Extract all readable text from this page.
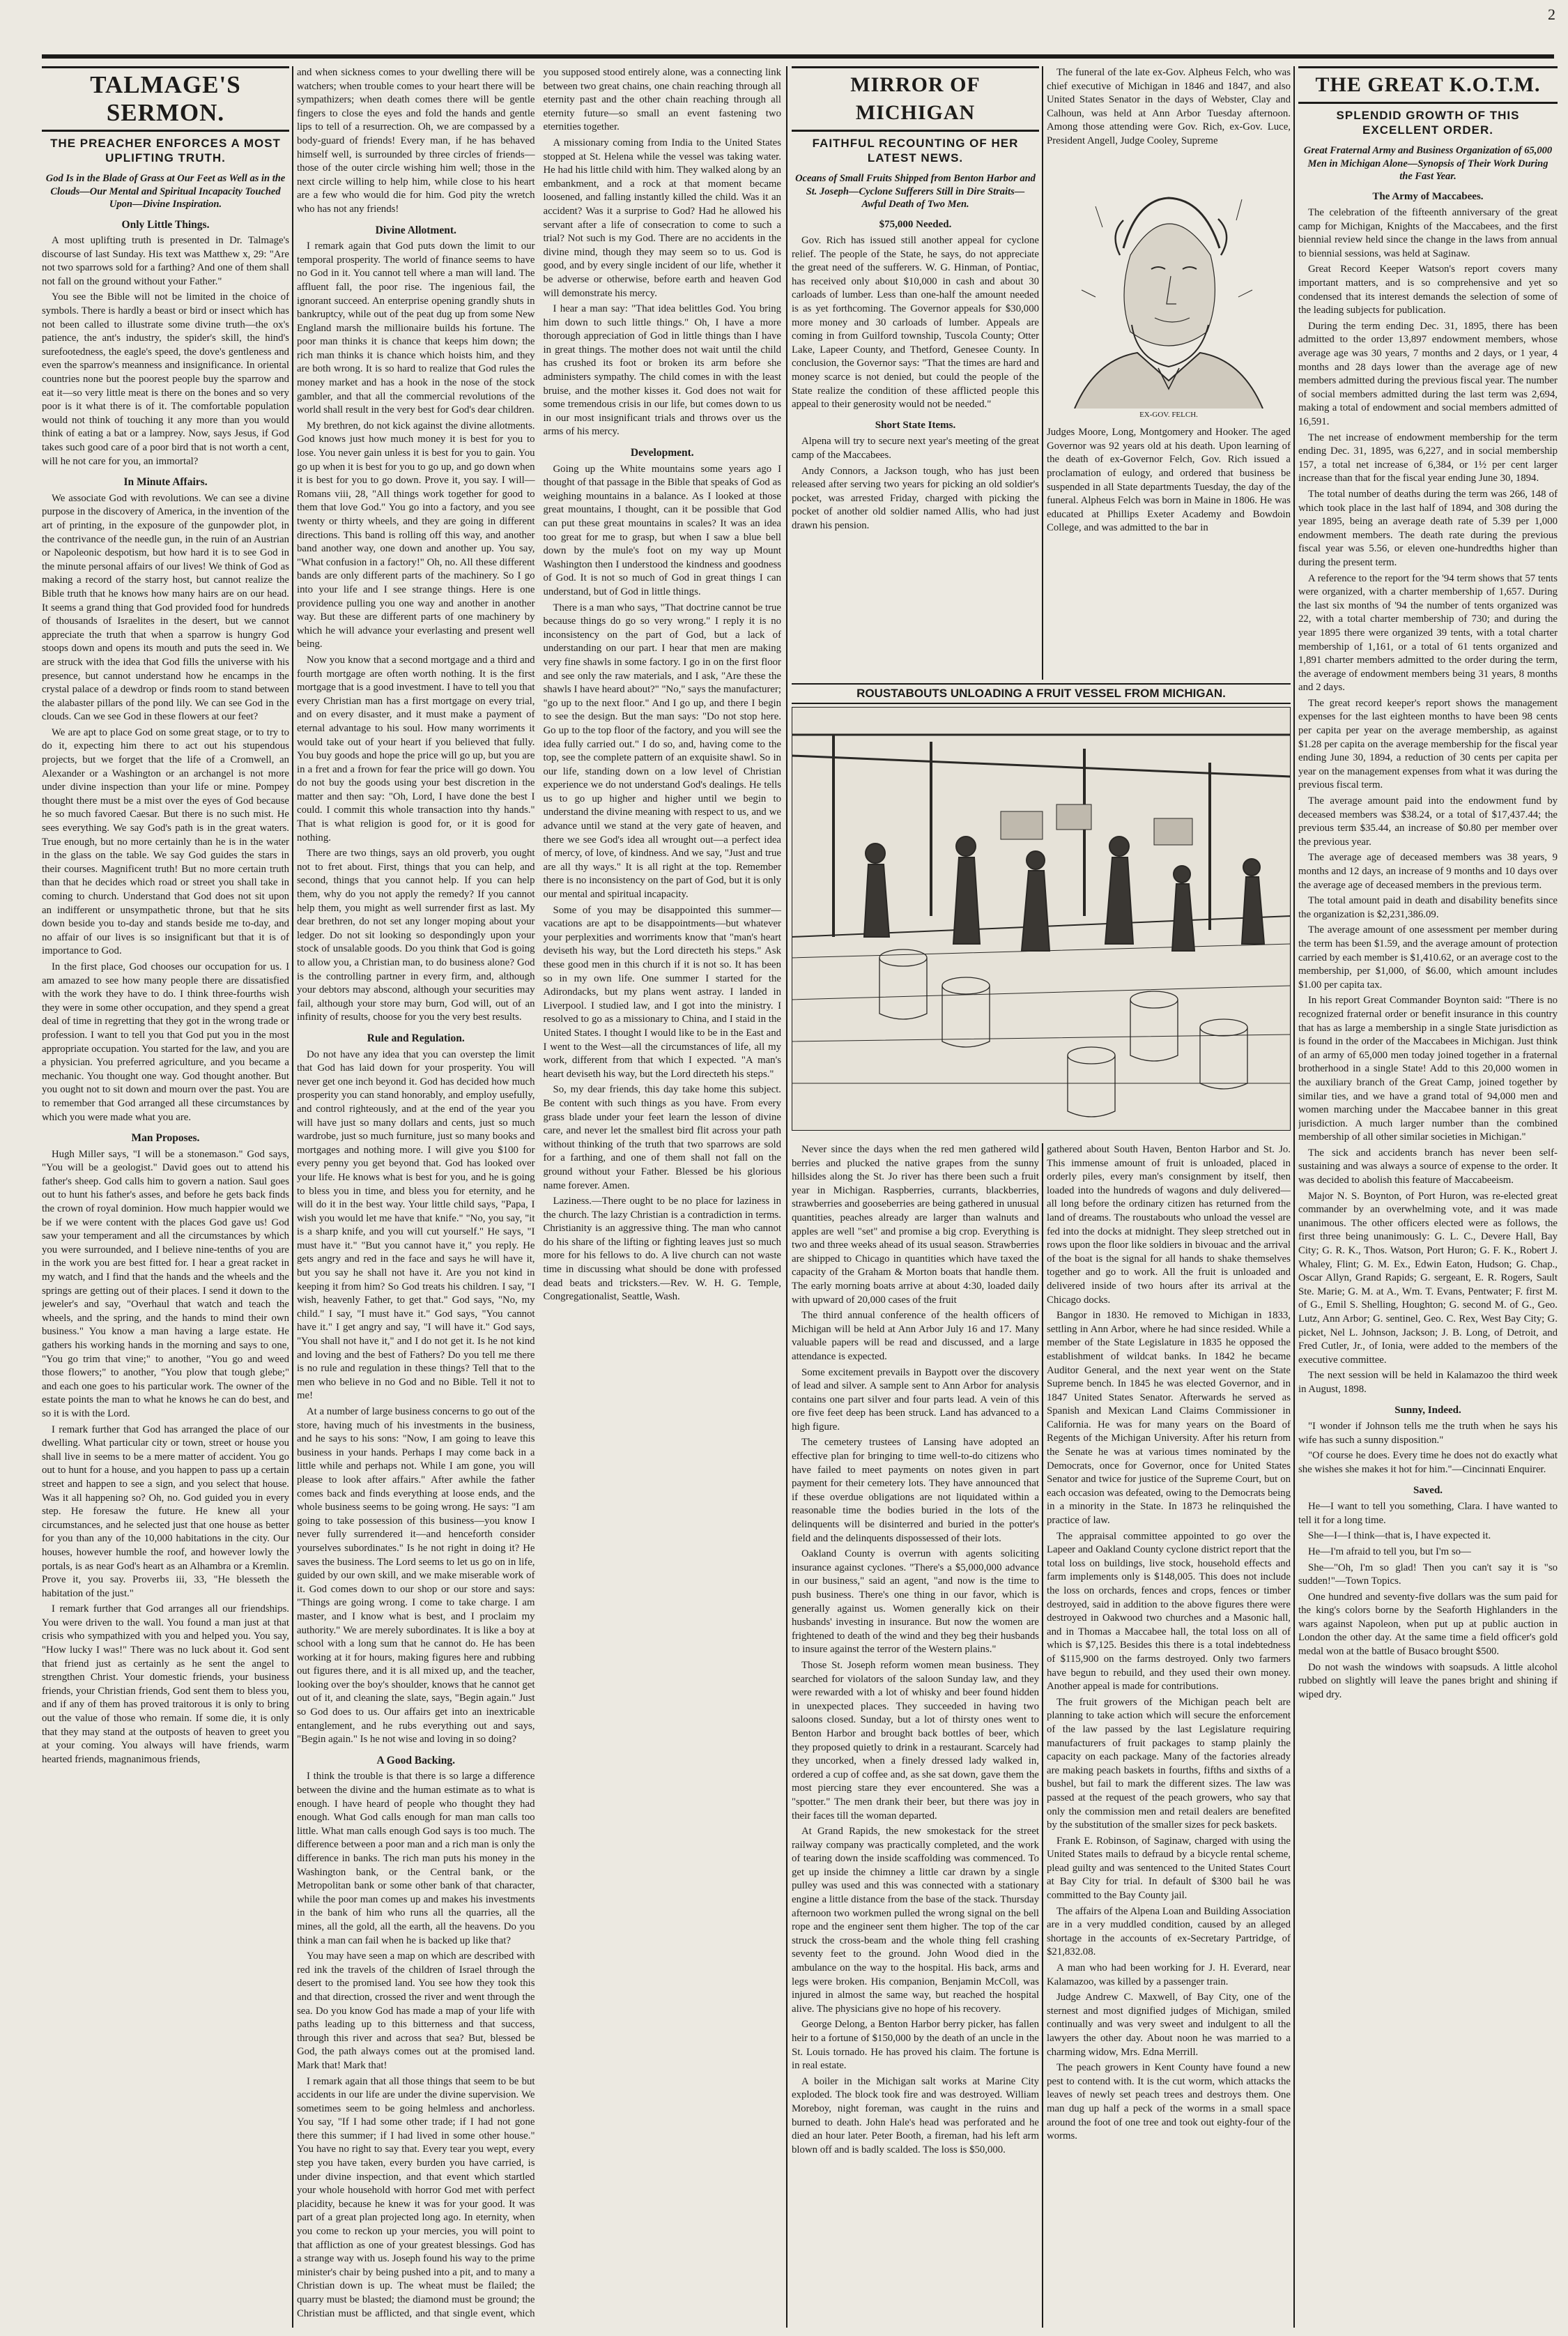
2
TALMAGE'S SERMON.
THE PREACHER ENFORCES A MOST UPLIFTING TRUTH.
God Is in the Blade of Grass at Our Feet as Well as in the Clouds—Our Mental and Spiritual Incapacity Touched Upon—Divine Inspiration.
Only Little Things.

A most uplifting truth is presented in Dr. Talmage's discourse of last Sunday. His text was Matthew x, 29: "Are not two sparrows sold for a farthing? And one of them shall not fall on the ground without your Father."

You see the Bible will not be limited in the choice of symbols. There is hardly a beast or bird or insect which has not been called to illustrate some divine truth—the ox's patience, the ant's industry, the spider's skill, the hind's surefootedness, the eagle's speed, the dove's gentleness and even the sparrow's meanness and insignificance. In oriental countries none but the poorest people buy the sparrow and eat it—so very little meat is there on the bones and so very poor is it what there is of it. The comfortable population would not think of touching it any more than you would think of eating a bat or a lamprey. Now, says Jesus, if God takes such good care of a poor bird that is not worth a cent, will he not care for you, an immortal?

In Minute Affairs.

We associate God with revolutions. We can see a divine purpose in the discovery of America, in the invention of the art of printing, in the exposure of the gunpowder plot, in the contrivance of the needle gun, in the ruin of an Austrian or Napoleonic despotism, but how hard it is to see God in the minute personal affairs of our lives! We think of God as making a record of the starry host, but cannot realize the Bible truth that he knows how many hairs are on our head. It seems a grand thing that God provided food for hundreds of thousands of Israelites in the desert, but we cannot appreciate the truth that when a sparrow is hungry God stoops down and opens its mouth and puts the seed in. We are struck with the idea that God fills the universe with his presence, but cannot understand how he encamps in the crystal palace of a dewdrop or finds room to stand between the alabaster pillars of the pond lily. We can see God in the clouds. Can we see God in these flowers at our feet?

We are apt to place God on some great stage, or to try to do it, expecting him there to act out his stupendous projects, but we forget that the life of a Cromwell, an Alexander or a Washington or an archangel is not more under divine inspection than your life or mine. Pompey thought there must be a mist over the eyes of God because he so much favored Caesar. But there is no such mist. He sees everything. We say God's path is in the great waters. True enough, but no more certainly than he is in the water in the glass on the table. We say God guides the stars in their courses. Magnificent truth! But no more certain truth than that he decides which road or street you shall take in coming to church. Understand that God does not sit upon an indifferent or unsympathetic throne, but that he sits down beside you to-day and stands beside me to-day, and no affair of our lives is so insignificant but that it is of importance to God.

In the first place, God chooses our occupation for us. I am amazed to see how many people there are dissatisfied with the work they have to do. I think three-fourths wish they were in some other occupation, and they spend a great deal of time in regretting that they got in the wrong trade or profession. I want to tell you that God put you in the most appropriate occupation. You started for the law, and you are a physician. You preferred agriculture, and you became a mechanic. You thought one way. God thought another. But you ought not to sit down and mourn over the past. You are to remember that God arranged all these circumstances by which you were made what you are.

Man Proposes.

Hugh Miller says, "I will be a stonemason." God says, "You will be a geologist." David goes out to attend his father's sheep. God calls him to govern a nation. Saul goes out to hunt his father's asses, and before he gets back finds the crown of royal dominion. How much happier would we be if we were content with the places God gave us! God saw your temperament and all the circumstances by which you were surrounded, and I believe nine-tenths of you are in the work you are best fitted for. I hear a great racket in my watch, and I find that the hands and the wheels and the springs are getting out of their places. I send it down to the jeweler's and say, "Overhaul that watch and teach the wheels, and the spring, and the hands to mind their own business." You know a man having a large estate. He gathers his working hands in the morning and says to one, "You go trim that vine;" to another, "You go and weed those flowers;" to another, "You plow that tough glebe;" and each one goes to his particular work. The owner of the estate points the man to what he knows he can do best, and so it is with the Lord.

I remark further that God has arranged the place of our dwelling. What particular city or town, street or house you shall live in seems to be a mere matter of accident. You go out to hunt for a house, and you happen to pass up a certain street and happen to see a sign, and you select that house. Was it all happening so? Oh, no. God guided you in every step. He foresaw the future. He knew all your circumstances, and he selected just that one house as better for you than any of the 10,000 habitations in the city. Our houses, however humble the roof, and however lowly the portals, is as near God's heart as an Alhambra or a Kremlin. Prove it, you say. Proverbs iii, 33, "He blesseth the habitation of the just."

I remark further that God arranges all our friendships. You were driven to the wall. You found a man just at that crisis who sympathized with you and helped you. You say, "How lucky I was!" There was no luck about it. God sent that friend just as certainly as he sent the angel to strengthen Christ. Your domestic friends, your business friends, your Christian friends, God sent them to bless you, and if any of them has proved traitorous it is only to bring out the value of those who remain. If some die, it is only that they may stand at the outposts of heaven to greet you at your coming. You always will have friends, warm hearted friends, magnanimous friends,

and when sickness comes to your dwelling there will be watchers; when trouble comes to your heart there will be sympathizers; when death comes there will be gentle fingers to close the eyes and fold the hands and gentle lips to tell of a resurrection. Oh, we are compassed by a body-guard of friends! Every man, if he has behaved himself well, is surrounded by three circles of friends—those of the outer circle wishing him well; those in the next circle willing to help him, while close to his heart are a few who would die for him. God pity the wretch who has not any friends!

Divine Allotment.

I remark again that God puts down the limit to our temporal prosperity. The world of finance seems to have no God in it. You cannot tell where a man will land. The affluent fall, the poor rise. The ingenious fail, the ignorant succeed. An enterprise opening grandly shuts in bankruptcy, while out of the peat dug up from some New England marsh the millionaire builds his fortune. The poor man thinks it is chance that keeps him down; the rich man thinks it is chance which hoists him, and they are both wrong. It is so hard to realize that God rules the money market and has a hook in the nose of the stock gambler, and that all the commercial revolutions of the world shall result in the very best for God's dear children.

My brethren, do not kick against the divine allotments. God knows just how much money it is best for you to lose. You never gain unless it is best for you to gain. You go up when it is best for you to go up, and go down when it is best for you to go down. Prove it, you say. I will—Romans viii, 28, "All things work together for good to them that love God." You go into a factory, and you see twenty or thirty wheels, and they are going in different directions. This band is rolling off this way, and another band another way, one down and another up. You say, "What confusion in a factory!" Oh, no. All these different bands are only different parts of the machinery. So I go into your life and I see strange things. Here is one providence pulling you one way and another in another way. But these are different parts of one machinery by which he will advance your everlasting and present well being.

Now you know that a second mortgage and a third and fourth mortgage are often worth nothing. It is the first mortgage that is a good investment. I have to tell you that every Christian man has a first mortgage on every trial, and on every disaster, and it must make a payment of eternal advantage to his soul. How many worriments it would take out of your heart if you believed that fully. You buy goods and hope the price will go up, but you are in a fret and a frown for fear the price will go down. You do not buy the goods using your best discretion in the matter and then say: "Oh, Lord, I have done the best I could. I commit this whole transaction into thy hands." That is what religion is good for, or it is good for nothing.

There are two things, says an old proverb, you ought not to fret about. First, things that you can help, and second, things that you cannot help. If you can help them, why do you not apply the remedy? If you cannot help them, you might as well surrender first as last. My dear brethren, do not set any longer moping about your ledger. Do not sit looking so despondingly upon your stock of unsalable goods. Do you think that God is going to allow you, a Christian man, to do business alone? God is the controlling partner in every firm, and, although your debtors may abscond, although your securities may fail, although your store may burn, God will, out of an infinity of results, choose for you the very best results.

Rule and Regulation.

Do not have any idea that you can overstep the limit that God has laid down for your prosperity. You will never get one inch beyond it. God has decided how much prosperity you can stand honorably, and employ usefully, and control righteously, and at the end of the year you will have just so many dollars and cents, just so much wardrobe, just so much furniture, just so many books and mortgages and nothing more. I will give you $100 for every penny you get beyond that. God has looked over your life. He knows what is best for you, and he is going to bless you in time, and bless you for eternity, and he will do it in the best way. Your little child says, "Papa, I wish you would let me have that knife." "No, you say, "it is a sharp knife, and you will cut yourself." He says, "I must have it." "But you cannot have it," you reply. He gets angry and red in the face and says he will have it, but you say he shall not have it. Are you not kind in keeping it from him? So God treats his children. I say, "I wish, heavenly Father, to get that." God says, "No, my child." I say, "I must have it." God says, "You cannot have it." I get angry and say, "I will have it." God says, "You shall not have it," and I do not get it. Is he not kind and loving and the best of Fathers? Do you tell me there is no rule and regulation in these things? Tell that to the men who believe in no God and no Bible. Tell it not to me!

At a number of large business concerns to go out of the store, having much of his investments in the business, and he says to his sons: "Now, I am going to leave this business in your hands. Perhaps I may come back in a little while and perhaps not. While I am gone, you will please to look after affairs." After awhile the father comes back and finds everything at loose ends, and the whole business seems to be going wrong. He says: "I am going to take possession of this business—you know I never fully surrendered it—and henceforth consider yourselves subordinates." Is he not right in doing it? He saves the business. The Lord seems to let us go on in life, guided by our own skill, and we make miserable work of it. God comes down to our shop or our store and says: "Things are going wrong. I come to take charge. I am master, and I know what is best, and I proclaim my authority." We are merely subordinates. It is like a boy at school with a long sum that he cannot do. He has been working at it for hours, making figures here and rubbing out figures there, and it is all mixed up, and the teacher, looking over the boy's shoulder, knows that he cannot get out of it, and cleaning the slate, says, "Begin again." Just so God does to us. Our affairs get into an inextricable entanglement, and he rubs everything out and says, "Begin again." Is he not wise and loving in so doing?

A Good Backing.

I think the trouble is that there is so large a difference between the divine and the human estimate as to what is enough. I have heard of people who thought they had enough. What God calls enough for man man calls too little. What man calls enough God says is too much. The difference between a poor man and a rich man is only the difference in banks. The rich man puts his money in the Washington bank, or the Central bank, or the Metropolitan bank or some other bank of that character, while the poor man comes up and makes his investments in the bank of him who runs all the quarries, all the mines, all the gold, all the earth, all the heavens. Do you think a man can fail when he is backed up like that?

You may have seen a map on which are described with red ink the travels of the children of Israel through the desert to the promised land. You see how they took this and that direction, crossed the river and went through the sea. Do you know God has made a map of your life with paths leading up to this bitterness and that success, through this river and across that sea? But, blessed be God, the path always comes out at the promised land. Mark that! Mark that!

I remark again that all those things that seem to be but accidents in our life are under the divine supervision. We sometimes seem to be going helmless and anchorless. You say, "If I had some other trade; if I had not gone there this summer; if I had lived in some other house." You have no right to say that. Every tear you wept, every step you have taken, every burden you have carried, is under divine inspection, and that event which startled your whole household with horror God met with perfect placidity, because he knew it was for your good. It was part of a great plan projected long ago. In eternity, when you come to reckon up your mercies, you will point to that affliction as one of your greatest blessings. God has a strange way with us. Joseph found his way to the prime minister's chair by being pushed into a pit, and to many a Christian down is up. The wheat must be flailed; the quarry must be blasted; the diamond must be ground; the Christian must be afflicted, and that single event, which you supposed stood entirely alone, was a connecting link between two great chains, one chain reaching through all eternity past and the other chain reaching through all eternity future—so small an event fastening two eternities together.

A missionary coming from India to the United States stopped at St. Helena while the vessel was taking water. He had his little child with him. They walked along by an embankment, and a rock at that moment became loosened, and falling instantly killed the child. Was it an accident? Was it a surprise to God? Had he allowed his servant after a life of consecration to come to such a trial? Not such is my God. There are no accidents in the divine mind, though they may seem so to us. God is good, and by every single incident of our life, whether it be adverse or otherwise, before earth and heaven God will demonstrate his mercy.

I hear a man say: "That idea belittles God. You bring him down to such little things." Oh, I have a more thorough appreciation of God in little things than I have in great things. The mother does not wait until the child has crushed its foot or broken its arm before she administers sympathy. The child comes in with the least bruise, and the mother kisses it. God does not wait for some tremendous crisis in our life, but comes down to us in our most insignificant trials and throws over us the arms of his mercy.

Development.

Going up the White mountains some years ago I thought of that passage in the Bible that speaks of God as weighing mountains in a balance. As I looked at those great mountains, I thought, can it be possible that God can put these great mountains in scales? It was an idea too great for me to grasp, but when I saw a blue bell down by the mule's foot on my way up Mount Washington then I understood the kindness and goodness of God. It is not so much of God in great things I can understand, but of God in little things.

There is a man who says, "That doctrine cannot be true because things do go so very wrong." I reply it is no inconsistency on the part of God, but a lack of understanding on our part. I hear that men are making very fine shawls in some factory. I go in on the first floor and see only the raw materials, and I ask, "Are these the shawls I have heard about?" "No," says the manufacturer; "go up to the next floor." And I go up, and there I begin to see the design. But the man says: "Do not stop here. Go up to the top floor of the factory, and you will see the idea fully carried out." I do so, and, having come to the top, see the complete pattern of an exquisite shawl. So in our life, standing down on a low level of Christian experience we do not understand God's dealings. He tells us to go up higher and higher until we begin to understand the divine meaning with respect to us, and we advance until we stand at the very gate of heaven, and there we see God's idea all wrought out—a perfect idea of mercy, of love, of kindness. And we say, "Just and true are all thy ways." It is all right at the top. Remember there is no inconsistency on the part of God, but it is only our mental and spiritual incapacity.

Some of you may be disappointed this summer—vacations are apt to be disappointments—but whatever your perplexities and worriments know that "man's heart deviseth his way, but the Lord directeth his steps." Ask these good men in this church if it is not so. It has been so in my own life. One summer I started for the Adirondacks, but my plans went astray. I landed in Liverpool. I studied law, and I got into the ministry. I resolved to go as a missionary to China, and I staid in the United States. I thought I would like to be in the East and I went to the West—all the circumstances of life, all my work, different from that which I expected. "A man's heart deviseth his way, but the Lord directeth his steps."

So, my dear friends, this day take home this subject. Be content with such things as you have. From every grass blade under your feet learn the lesson of divine care, and never let the smallest bird flit across your path without thinking of the truth that two sparrows are sold for a farthing, and one of them shall not fall on the ground without your Father. Blessed be his glorious name forever. Amen.

Laziness.—There ought to be no place for laziness in the church. The lazy Christian is a contradiction in terms. Christianity is an aggressive thing. The man who cannot do his share of the lifting or fighting leaves just so much more for his fellows to do. A live church can not waste time in discussing what should be done with professed dead beats and tricksters.—Rev. W. H. G. Temple, Congregationalist, Seattle, Wash.

MIRROR OF MICHIGAN
FAITHFUL RECOUNTING OF HER LATEST NEWS.
Oceans of Small Fruits Shipped from Benton Harbor and St. Joseph—Cyclone Sufferers Still in Dire Straits—Awful Death of Two Men.
$75,000 Needed.

Gov. Rich has issued still another appeal for cyclone relief. The people of the State, he says, do not appreciate the great need of the sufferers. W. G. Hinman, of Pontiac, has received only about $10,000 in cash and about 30 carloads of lumber. Less than one-half the amount needed is as yet forthcoming. The Governor appeals for $30,000 more money and 30 carloads of lumber. Appeals are coming in from Guilford township, Tuscola County; Otter Lake, Lapeer County, and Thetford, Genesee County. In conclusion, the Governor says: "That the times are hard and money scarce is not denied, but could the people of the State realize the condition of these afflicted people this appeal to their generosity would not be needed."

Short State Items.

Alpena will try to secure next year's meeting of the great camp of the Maccabees.

Andy Connors, a Jackson tough, who has just been released after serving two years for picking an old soldier's pocket, was arrested Friday, charged with picking the pocket of another old soldier named Allis, who had just drawn his pension.

The funeral of the late ex-Gov. Alpheus Felch, who was chief executive of Michigan in 1846 and 1847, and also United States Senator in the days of Webster, Clay and Calhoun, was held at Ann Arbor Tuesday afternoon. Among those attending were Gov. Rich, ex-Gov. Luce, President Angell, Judge Cooley, Supreme

EX-GOV. FELCH.

Judges Moore, Long, Montgomery and Hooker. The aged Governor was 92 years old at his death. Upon learning of the death of ex-Governor Felch, Gov. Rich issued a proclamation of eulogy, and ordered that business be suspended in all State departments Tuesday, the day of the funeral. Alpheus Felch was born in Maine in 1806. He was educated at Phillips Exeter Academy and Bowdoin College, and was admitted to the bar in

ROUSTABOUTS UNLOADING A FRUIT VESSEL FROM MICHIGAN.

Never since the days when the red men gathered wild berries and plucked the native grapes from the sunny hillsides along the St. Jo river has there been such a fruit year in Michigan. Raspberries, currants, blackberries, strawberries and gooseberries are being gathered in unusual quantities, peaches already are larger than walnuts and apples are well "set" and promise a big crop. Everything is two and three weeks ahead of its usual season. Strawberries are shipped to Chicago in quantities which have taxed the capacity of the Graham & Morton boats that handle them. The early morning boats arrive at about 4:30, loaded daily with upward of 20,000 cases of the fruit

The third annual conference of the health officers of Michigan will be held at Ann Arbor July 16 and 17. Many valuable papers will be read and discussed, and a large attendance is expected.

Some excitement prevails in Baypott over the discovery of lead and silver. A sample sent to Ann Arbor for analysis contains one part silver and four parts lead. A vein of this ore five feet deep has been struck. Land has advanced to a high figure.

The cemetery trustees of Lansing have adopted an effective plan for bringing to time well-to-do citizens who have failed to meet payments on notes given in part payment for their cemetery lots. They have announced that if these overdue obligations are not liquidated within a reasonable time the bodies buried in the lots of the delinquents will be disinterred and buried in the potter's field and the delinquents dispossessed of their lots.

Oakland County is overrun with agents soliciting insurance against cyclones. "There's a $5,000,000 advance in our business," said an agent, "and now is the time to push business. There's one thing in our favor, which is generally against us. Women generally kick on their husbands' investing in insurance. But now the women are frightened to death of the wind and they beg their husbands to insure against the terror of the Western plains."

Those St. Joseph reform women mean business. They searched for violators of the saloon Sunday law, and they were rewarded with a lot of whisky and beer found hidden in unexpected places. They succeeded in having two saloons closed. Sunday, but a lot of thirsty ones went to Benton Harbor and brought back bottles of beer, which they proposed quietly to drink in a restaurant. Scarcely had they uncorked, when a finely dressed lady walked in, ordered a cup of coffee and, as she sat down, gave them the most piercing stare they ever encountered. She was a "spotter." The men drank their beer, but there was joy in their faces till the woman departed.

At Grand Rapids, the new smokestack for the street railway company was practically completed, and the work of tearing down the inside scaffolding was commenced. To get up inside the chimney a little car drawn by a single pulley was used and this was connected with a stationary engine a little distance from the base of the stack. Thursday afternoon two workmen pulled the wrong signal on the bell rope and the engineer sent them higher. The top of the car struck the cross-beam and the whole thing fell crashing seventy feet to the ground. John Wood died in the ambulance on the way to the hospital. His back, arms and legs were broken. His companion, Benjamin McColl, was injured in almost the same way, but reached the hospital alive. The physicians give no hope of his recovery.

George Delong, a Benton Harbor berry picker, has fallen heir to a fortune of $150,000 by the death of an uncle in the St. Louis tornado. He has proved his claim. The fortune is in real estate.

A boiler in the Michigan salt works at Marine City exploded. The block took fire and was destroyed. William Moreboy, night foreman, was caught in the ruins and burned to death. John Hale's head was perforated and he died an hour later. Peter Booth, a fireman, had his left arm blown off and is badly scalded. The loss is $50,000.

gathered about South Haven, Benton Harbor and St. Jo. This immense amount of fruit is unloaded, placed in orderly piles, every man's consignment by itself, then loaded into the hundreds of wagons and duly delivered—all long before the ordinary citizen has returned from the land of dreams. The roustabouts who unload the vessel are fed into the docks at midnight. They sleep stretched out in rows upon the floor like soldiers in bivouac and the arrival of the boat is the signal for all hands to shake themselves together and go to work. All the fruit is unloaded and delivered inside of two hours after its arrival at the Chicago docks.

Bangor in 1830. He removed to Michigan in 1833, settling in Ann Arbor, where he had since resided. While a member of the State Legislature in 1835 he opposed the establishment of wildcat banks. In 1842 he became Auditor General, and the next year went on the State Supreme bench. In 1845 he was elected Governor, and in 1847 United States Senator. Afterwards he served as Spanish and Mexican Land Claims Commissioner in California. He was for many years on the Board of Regents of the Michigan University. After his return from the Senate he was at various times nominated by the Democrats, once for Governor, once for United States Senator and twice for justice of the Supreme Court, but on each occasion was defeated, owing to the Democrats being in a minority in the State. In 1873 he relinquished the practice of law.

The appraisal committee appointed to go over the Lapeer and Oakland County cyclone district report that the total loss on buildings, live stock, household effects and farm implements only is $148,005. This does not include the loss on orchards, fences and crops, fences or timber destroyed, said in addition to the above figures there were destroyed in Oakwood two churches and a Masonic hall, and in Thomas a Maccabee hall, the total loss on all of which is $7,125. Besides this there is a total indebtedness of $115,900 on the farms destroyed. Only two farmers have begun to rebuild, and they used their own money. Another appeal is made for contributions.

The fruit growers of the Michigan peach belt are planning to take action which will secure the enforcement of the law passed by the last Legislature requiring manufacturers of fruit packages to stamp plainly the capacity on each package. Many of the factories already are making peach baskets in fourths, fifths and sixths of a bushel, but fail to mark the different sizes. The law was passed at the request of the peach growers, who say that only the commission men and retail dealers are benefited by the substitution of the smaller sizes for peck baskets.

Frank E. Robinson, of Saginaw, charged with using the United States mails to defraud by a bicycle rental scheme, plead guilty and was sentenced to the United States Court at Bay City for trial. In default of $300 bail he was committed to the Bay County jail.

The affairs of the Alpena Loan and Building Association are in a very muddled condition, caused by an alleged shortage in the accounts of ex-Secretary Partridge, of $21,832.08.

A man who had been working for J. H. Everard, near Kalamazoo, was killed by a passenger train.

Judge Andrew C. Maxwell, of Bay City, one of the sternest and most dignified judges of Michigan, smiled continually and was very sweet and indulgent to all the lawyers the other day. About noon he was married to a charming widow, Mrs. Edna Merrill.

The peach growers in Kent County have found a new pest to contend with. It is the cut worm, which attacks the leaves of newly set peach trees and destroys them. One man dug up half a peck of the worms in a small space around the foot of one tree and took out eighty-four of the worms.

THE GREAT K.O.T.M.
SPLENDID GROWTH OF THIS EXCELLENT ORDER.
Great Fraternal Army and Business Organization of 65,000 Men in Michigan Alone—Synopsis of Their Work During the Fast Year.
The Army of Maccabees.

The celebration of the fifteenth anniversary of the great camp for Michigan, Knights of the Maccabees, and the first biennial review held since the change in the laws from annual to biennial sessions, was held at Saginaw.

Great Record Keeper Watson's report covers many important matters, and is so comprehensive and yet so condensed that its interest demands the selection of some of the leading subjects for publication.

During the term ending Dec. 31, 1895, there has been admitted to the order 13,897 endowment members, whose average age was 30 years, 7 months and 2 days, or 1 year, 4 months and 28 days lower than the average age of new members admitted during the previous fiscal year. The number of social members admitted during the last term was 2,694, making a total of endowment and social members admitted of 16,591.

The net increase of endowment membership for the term ending Dec. 31, 1895, was 6,227, and in social membership 157, a total net increase of 6,384, or 1½ per cent larger increase than that for the fiscal year ending June 30, 1894.

The total number of deaths during the term was 266, 148 of which took place in the last half of 1894, and 308 during the year 1895, being an average death rate of 5.39 per 1,000 endowment members. The death rate during the previous fiscal year was 5.56, or eleven one-hundredths higher than during the present term.

A reference to the report for the '94 term shows that 57 tents were organized, with a charter membership of 1,657. During the last six months of '94 the number of tents organized was 22, with a total charter membership of 730; and during the year 1895 there were organized 39 tents, with a total charter membership of 1,161, or a total of 61 tents organized and 1,891 charter members admitted to the order during the term, the average of endowment members being 31 years, 8 months and 2 days.

The great record keeper's report shows the management expenses for the last eighteen months to have been 98 cents per capita per year on the average membership, as against $1.28 per capita on the average membership for the fiscal year ending June 30, 1894, a reduction of 30 cents per capita per year on the management expenses from what it was during the previous fiscal term.

The average amount paid into the endowment fund by deceased members was $38.24, or a total of $17,437.44; the previous term $35.44, an increase of $0.80 per member over the previous year.

The average age of deceased members was 38 years, 9 months and 12 days, an increase of 9 months and 10 days over the average age of deceased members in the previous term.

The total amount paid in death and disability benefits since the organization is $2,231,386.09.

The average amount of one assessment per member during the term has been $1.59, and the average amount of protection carried by each member is $1,410.62, or an average cost to the membership, per $1,000, of $6.00, which amount includes $1.00 per capita tax.

In his report Great Commander Boynton said: "There is no recognized fraternal order or benefit insurance in this country that has as large a membership in a single State jurisdiction as is found in the order of the Maccabees in Michigan. Just think of an army of 65,000 men today joined together in a fraternal brotherhood in a single State! Add to this 20,000 women in the auxiliary branch of the Great Camp, joined together by similar ties, and we have a grand total of 94,000 men and women marching under the Maccabee banner in this great jurisdiction. A much larger number than the combined membership of all other similar societies in Michigan."

The sick and accidents branch has never been self-sustaining and was always a source of expense to the order. It was decided to abolish this feature of Maccabeeism.

Major N. S. Boynton, of Port Huron, was re-elected great commander by an overwhelming vote, and it was made unanimous. The other officers elected were as follows, the first three being unanimously: G. L. C., Devere Hall, Bay City; G. R. K., Thos. Watson, Port Huron; G. F. K., Robert J. Whaley, Flint; G. M. Ex., Edwin Eaton, Hudson; G. Chap., Oscar Allyn, Grand Rapids; G. sergeant, E. R. Rogers, Sault Ste. Marie; G. M. at A., Wm. T. Evans, Pentwater; F. first M. of G., Emil S. Shelling, Houghton; G. second M. of G., Geo. Lutz, Ann Arbor; G. sentinel, Geo. C. Rex, West Bay City; G. picket, Nel L. Johnson, Jackson; J. B. Long, of Detroit, and Fred Cutler, Jr., of Ionia, were added to the members of the executive committee.

The next session will be held in Kalamazoo the third week in August, 1898.

Sunny, Indeed.

"I wonder if Johnson tells me the truth when he says his wife has such a sunny disposition."

"Of course he does. Every time he does not do exactly what she wishes she makes it hot for him."—Cincinnati Enquirer.

Saved.

He—I want to tell you something, Clara. I have wanted to tell it for a long time.

She—I—I think—that is, I have expected it.

He—I'm afraid to tell you, but I'm so—

She—"Oh, I'm so glad! Then you can't say it is "so sudden!"—Town Topics.

One hundred and seventy-five dollars was the sum paid for the king's colors borne by the Seaforth Highlanders in the wars against Napoleon, when put up at public auction in London the other day. At the same time a field officer's gold medal won at the battle of Busaco brought $500.

Do not wash the windows with soapsuds. A little alcohol rubbed on slightly will leave the panes bright and shining if wiped dry.
